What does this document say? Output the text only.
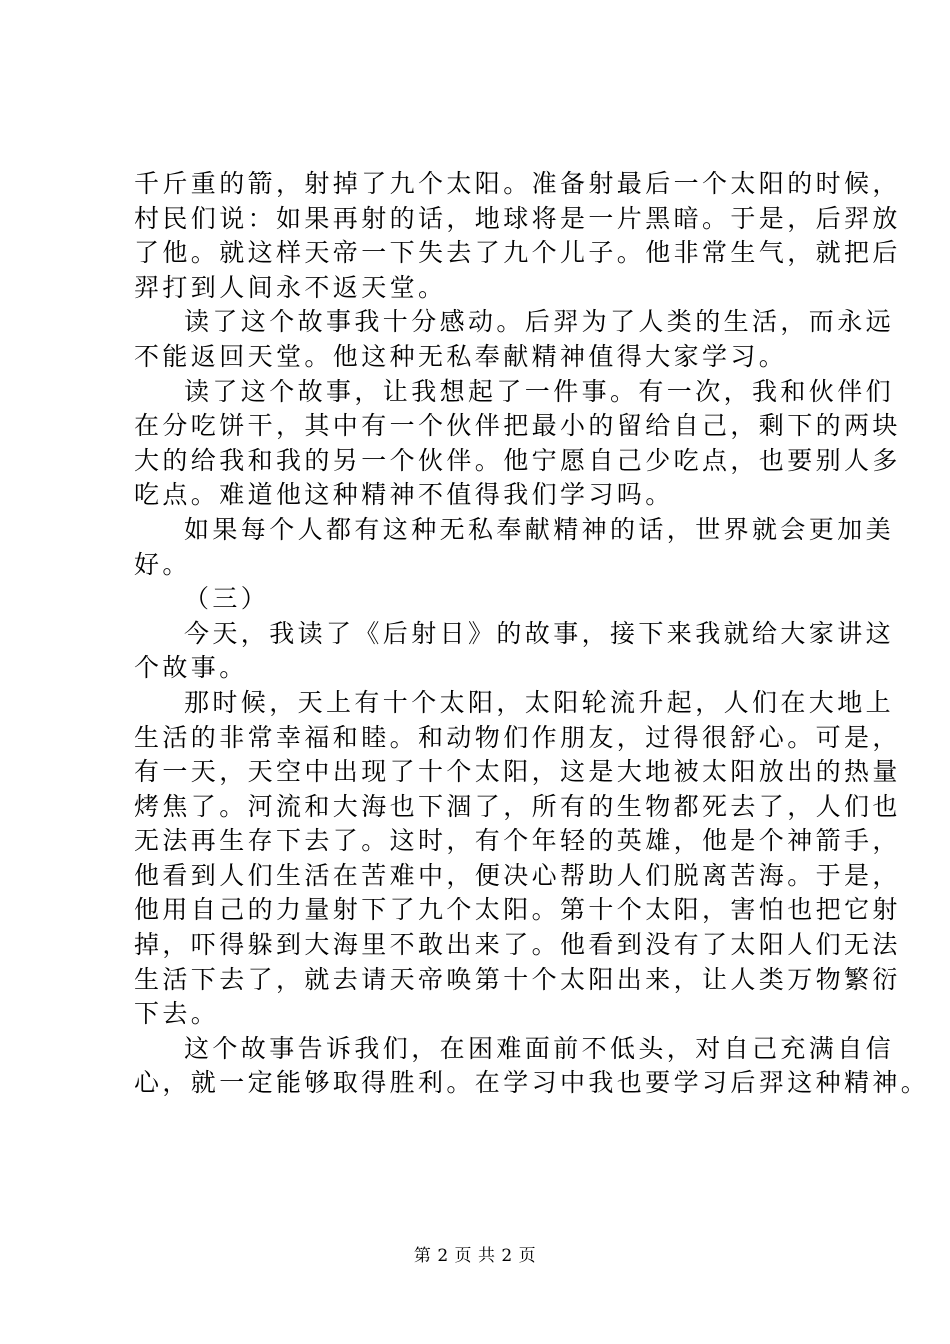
千斤重的箭，射掉了九个太阳。准备射最后一个太阳的时候，
村民们说：如果再射的话，地球将是一片黑暗。于是，后羿放
了他。就这样天帝一下失去了九个儿子。他非常生气，就把后
羿打到人间永不返天堂。
读了这个故事我十分感动。后羿为了人类的生活，而永远
不能返回天堂。他这种无私奉献精神值得大家学习。
读了这个故事，让我想起了一件事。有一次，我和伙伴们
在分吃饼干，其中有一个伙伴把最小的留给自己，剩下的两块
大的给我和我的另一个伙伴。他宁愿自己少吃点，也要别人多
吃点。难道他这种精神不值得我们学习吗。
如果每个人都有这种无私奉献精神的话，世界就会更加美
好。
（三）
今天，我读了《后射日》的故事，接下来我就给大家讲这
个故事。
那时候，天上有十个太阳，太阳轮流升起，人们在大地上
生活的非常幸福和睦。和动物们作朋友，过得很舒心。可是，
有一天，天空中出现了十个太阳，这是大地被太阳放出的热量
烤焦了。河流和大海也下涸了，所有的生物都死去了，人们也
无法再生存下去了。这时，有个年轻的英雄，他是个神箭手，
他看到人们生活在苦难中，便决心帮助人们脱离苦海。于是，
他用自己的力量射下了九个太阳。第十个太阳，害怕也把它射
掉，吓得躲到大海里不敢出来了。他看到没有了太阳人们无法
生活下去了，就去请天帝唤第十个太阳出来，让人类万物繁衍
下去。
这个故事告诉我们，在困难面前不低头，对自己充满自信
心，就一定能够取得胜利。在学习中我也要学习后羿这种精神。
第 2 页 共 2 页
